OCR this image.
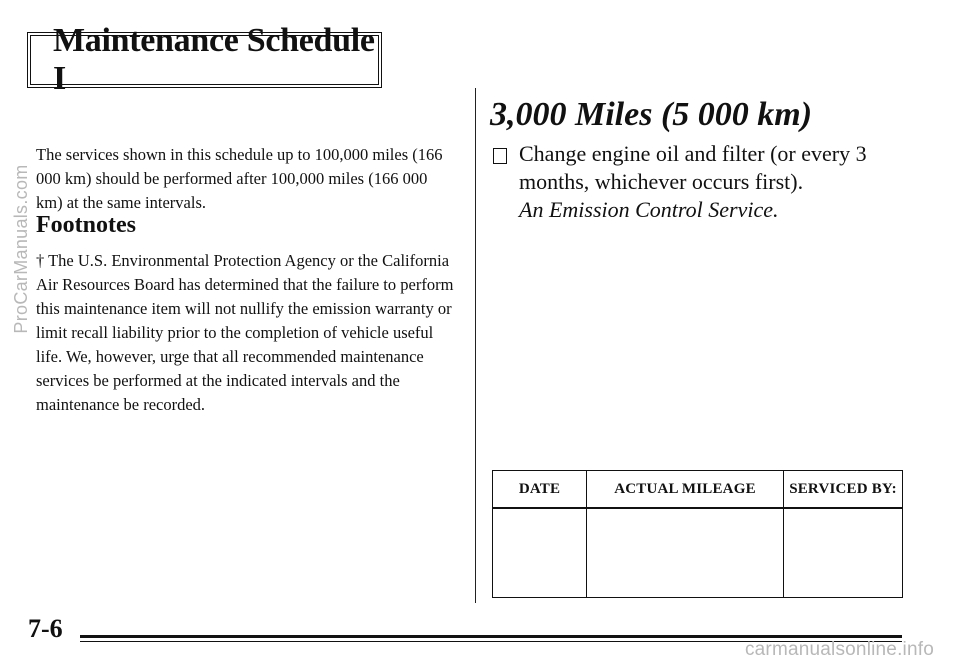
Maintenance Schedule I
The services shown in this schedule up to 100,000 miles (166 000 km) should be performed after 100,000 miles (166 000 km) at the same intervals.
Footnotes
† The U.S. Environmental Protection Agency or the California Air Resources Board has determined that the failure to perform this maintenance item will not nullify the emission warranty or limit recall liability prior to the completion of vehicle useful life. We, however, urge that all recommended maintenance services be performed at the indicated intervals and the maintenance be recorded.
3,000 Miles (5 000 km)
Change engine oil and filter (or every 3 months, whichever occurs first).
An Emission Control Service.
DATE	ACTUAL MILEAGE	SERVICED BY:
7-6
ProCarManuals.com
carmanualsonline.info
